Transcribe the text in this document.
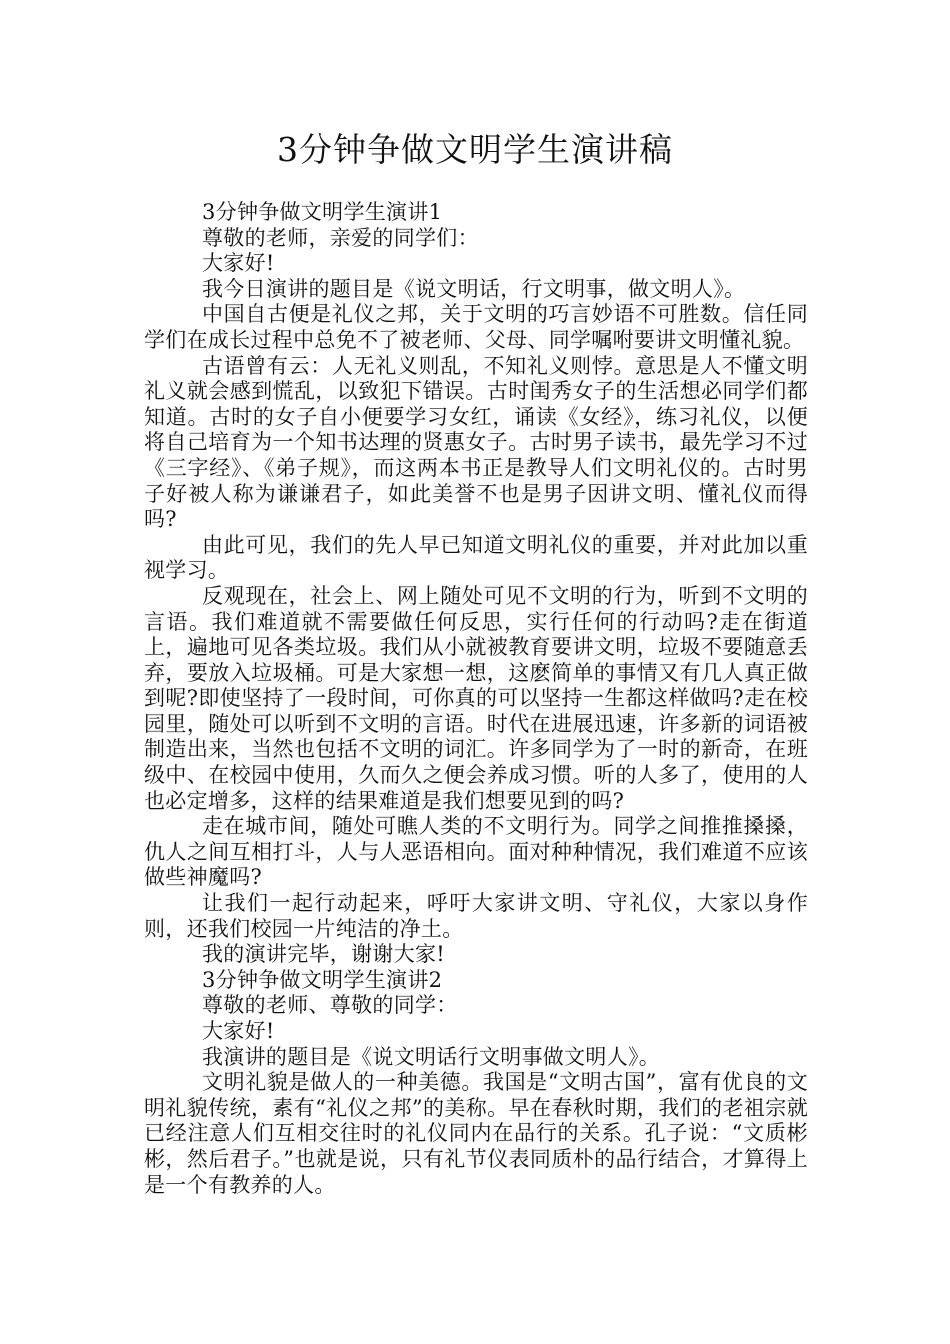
3分钟争做文明学生演讲稿

3分钟争做文明学生演讲1

尊敬的老师，亲爱的同学们：

大家好!

我今日演讲的题目是《说文明话，行文明事，做文明人》。

中国自古便是礼仪之邦，关于文明的巧言妙语不可胜数。信任同学们在成长过程中总免不了被老师、父母、同学嘱咐要讲文明懂礼貌。

古语曾有云：人无礼义则乱，不知礼义则悖。意思是人不懂文明礼义就会感到慌乱，以致犯下错误。古时闺秀女子的生活想必同学们都知道。古时的女子自小便要学习女红，诵读《女经》，练习礼仪，以便将自己培育为一个知书达理的贤惠女子。古时男子读书，最先学习不过《三字经》、《弟子规》，而这两本书正是教导人们文明礼仪的。古时男子好被人称为谦谦君子，如此美誉不也是男子因讲文明、懂礼仪而得吗?

由此可见，我们的先人早已知道文明礼仪的重要，并对此加以重视学习。

反观现在，社会上、网上随处可见不文明的行为，听到不文明的言语。我们难道就不需要做任何反思，实行任何的行动吗?走在街道上，遍地可见各类垃圾。我们从小就被教育要讲文明，垃圾不要随意丢弃，要放入垃圾桶。可是大家想一想，这麽简单的事情又有几人真正做到呢?即使坚持了一段时间，可你真的可以坚持一生都这样做吗?走在校园里，随处可以听到不文明的言语。时代在进展迅速，许多新的词语被制造出来，当然也包括不文明的词汇。许多同学为了一时的新奇，在班级中、在校园中使用，久而久之便会养成习惯。听的人多了，使用的人也必定增多，这样的结果难道是我们想要见到的吗?

走在城市间，随处可瞧人类的不文明行为。同学之间推推搡搡，仇人之间互相打斗，人与人恶语相向。面对种种情况，我们难道不应该做些神魔吗?

让我们一起行动起来，呼吁大家讲文明、守礼仪，大家以身作则，还我们校园一片纯洁的净土。

我的演讲完毕，谢谢大家!

3分钟争做文明学生演讲2

尊敬的老师、尊敬的同学：

大家好!

我演讲的题目是《说文明话行文明事做文明人》。

文明礼貌是做人的一种美德。我国是“文明古国”，富有优良的文明礼貌传统，素有“礼仪之邦”的美称。早在春秋时期，我们的老祖宗就已经注意人们互相交往时的礼仪同内在品行的关系。孔子说：“文质彬彬，然后君子。”也就是说，只有礼节仪表同质朴的品行结合，才算得上是一个有教养的人。
